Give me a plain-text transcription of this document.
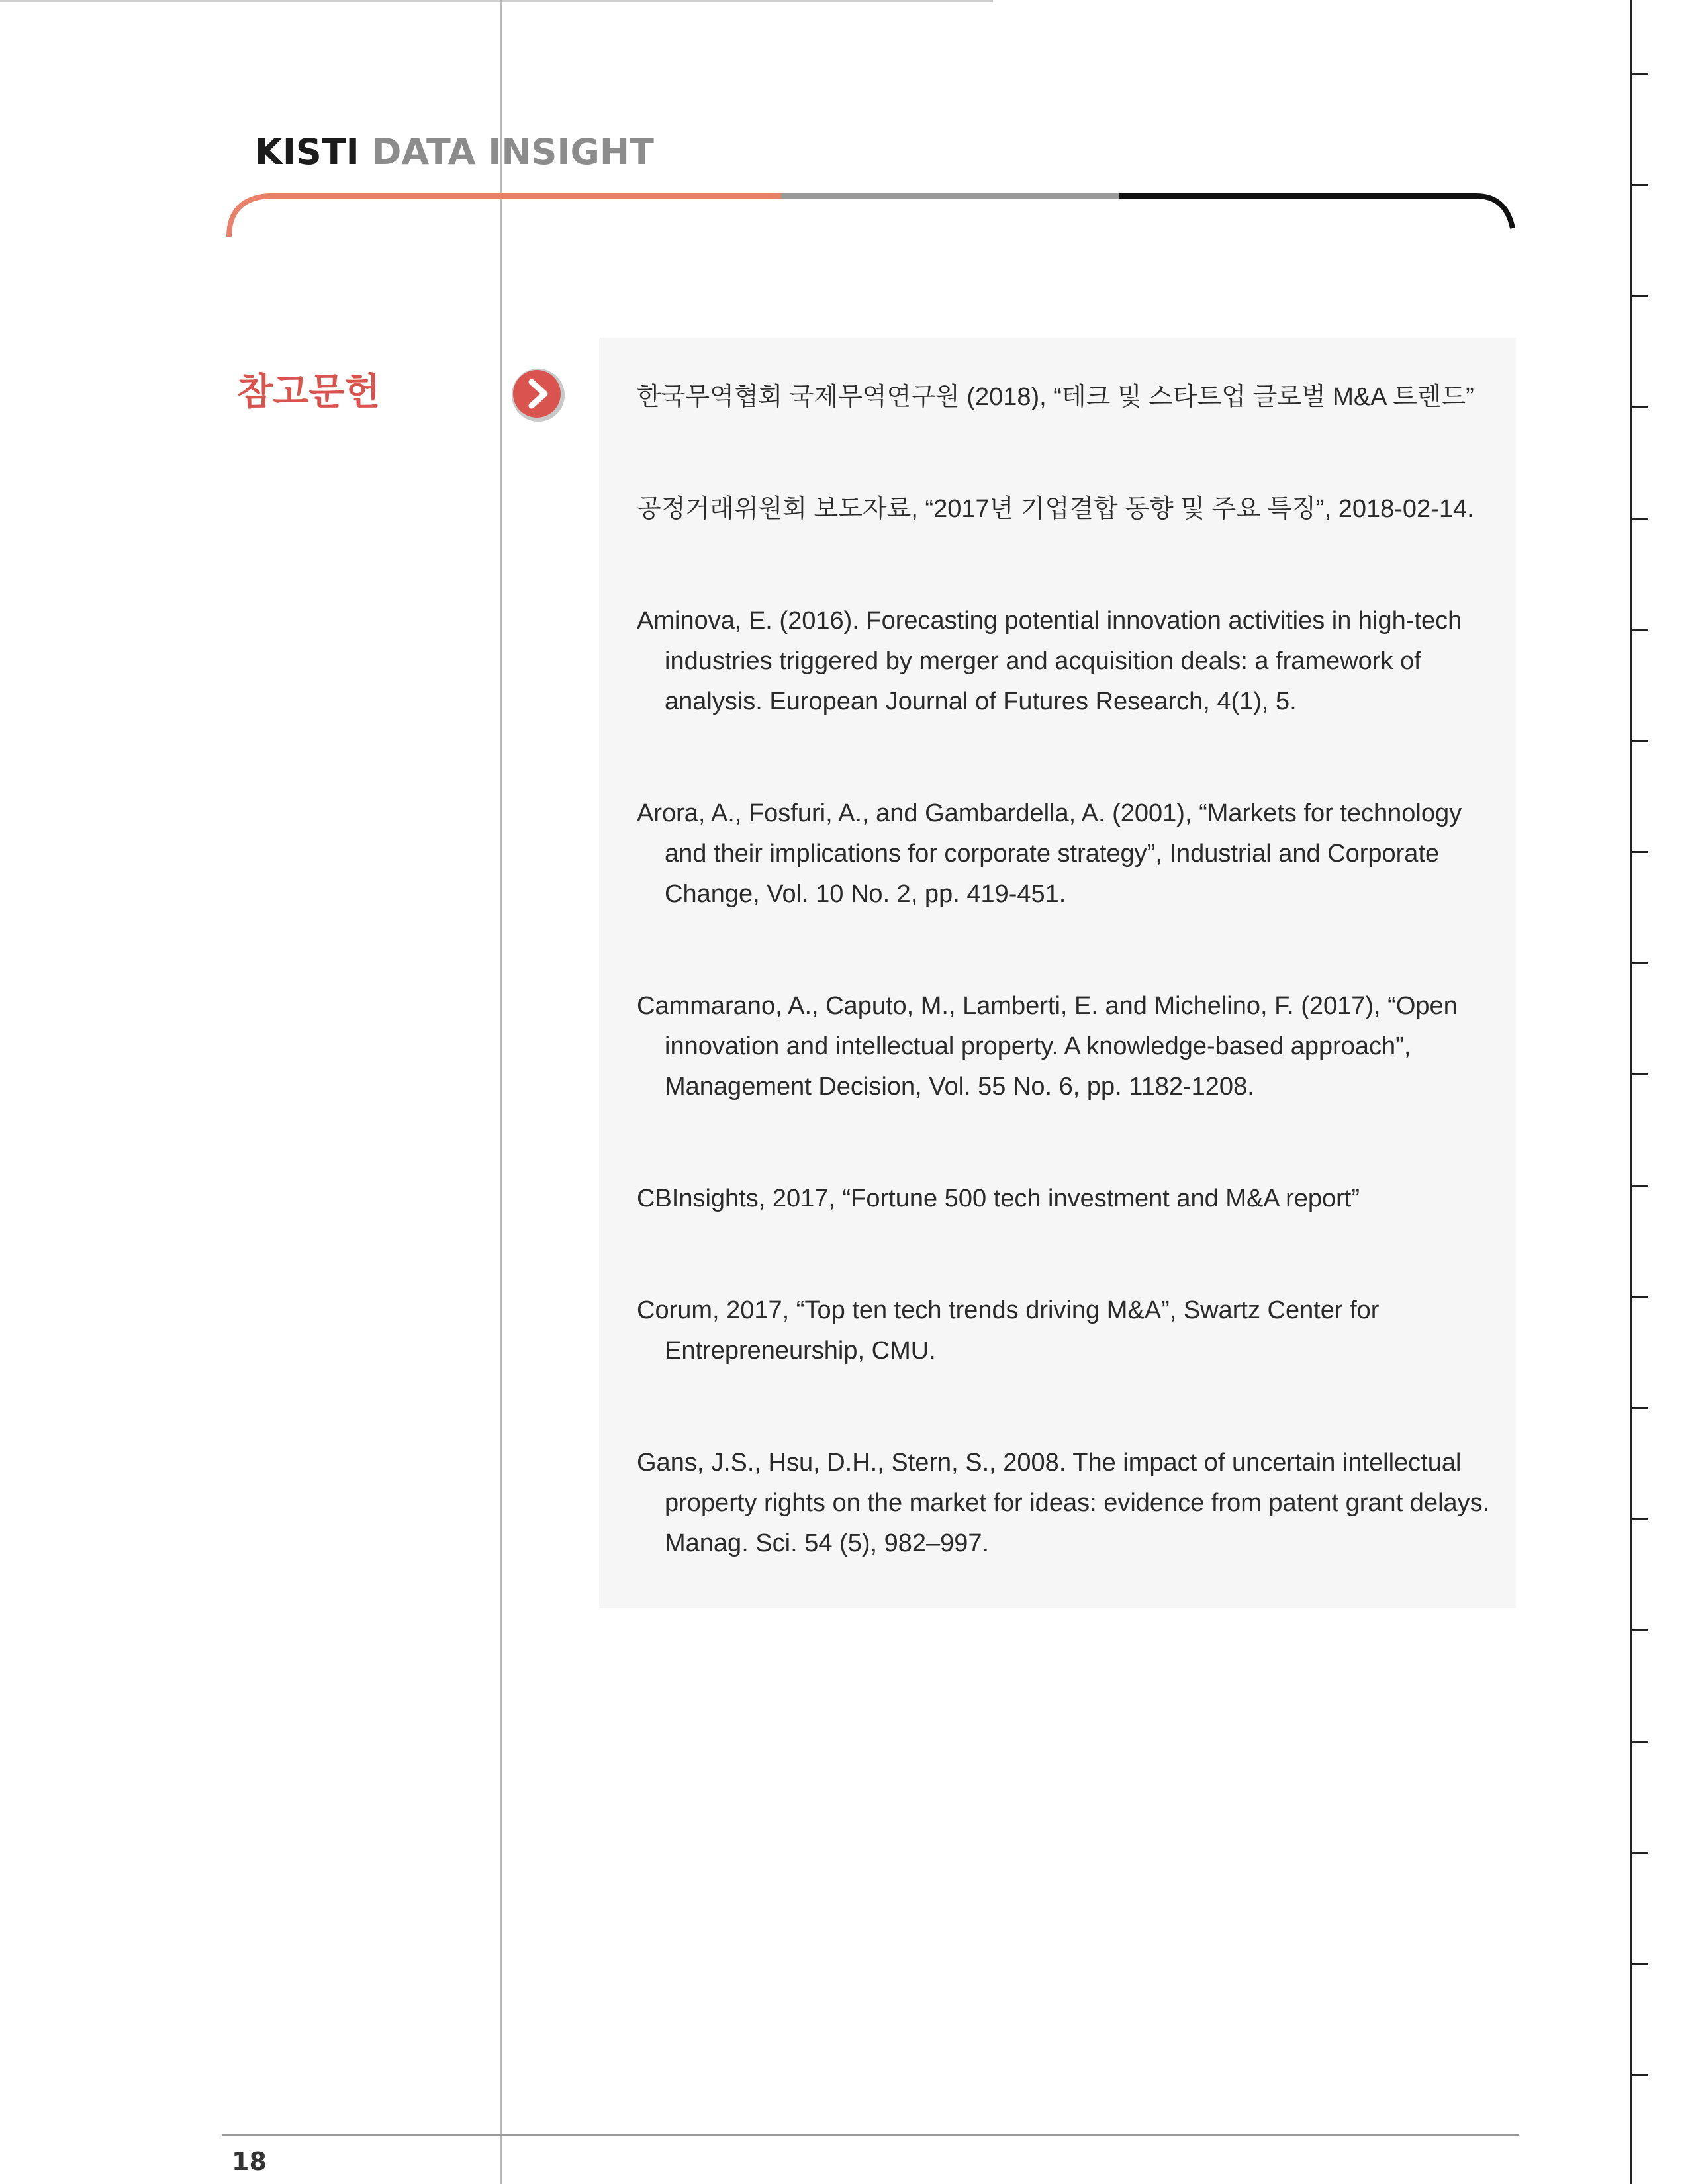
KISTI DATA INSIGHT
참고문헌	한국무역협회 국제무역연구원 (2018), “테크 및 스타트업 글로벌 M&A 트렌드”
공정거래위원회 보도자료, “2017년 기업결합 동향 및 주요 특징”, 2018-02-14.
Aminova, E. (2016). Forecasting potential innovation activities in high-tech industries triggered by merger and acquisition deals: a framework of analysis. European Journal of Futures Research, 4(1), 5.
Arora, A., Fosfuri, A., and Gambardella, A. (2001), “Markets for technology and their implications for corporate strategy”, Industrial and Corporate Change, Vol. 10 No. 2, pp. 419-451.
Cammarano, A., Caputo, M., Lamberti, E. and Michelino, F. (2017), “Open innovation and intellectual property. A knowledge-based approach”, Management Decision, Vol. 55 No. 6, pp. 1182-1208.
CBInsights, 2017, “Fortune 500 tech investment and M&A report”
Corum, 2017, “Top ten tech trends driving M&A”, Swartz Center for Entrepreneurship, CMU.
Gans, J.S., Hsu, D.H., Stern, S., 2008. The impact of uncertain intellectual property rights on the market for ideas: evidence from patent grant delays. Manag. Sci. 54 (5), 982–997.
18
